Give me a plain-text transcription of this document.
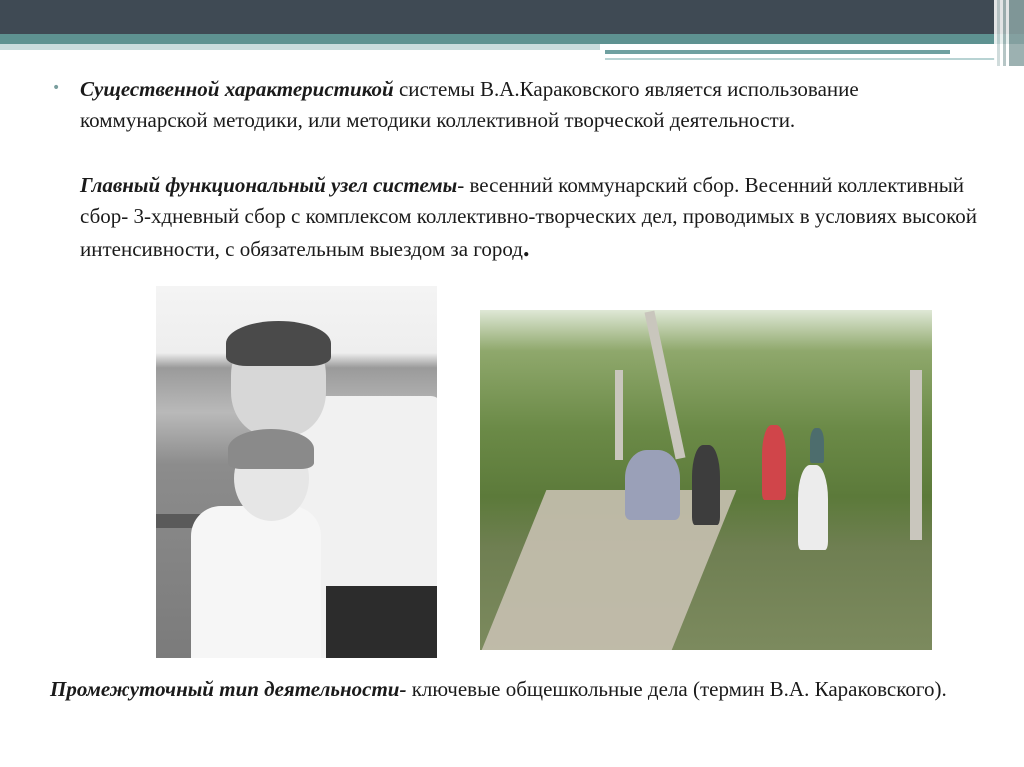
• Существенной характеристикой системы В.А.Караковского является использование коммунарской методики, или методики коллективной творческой деятельности.
Главный функциональный узел системы- весенний коммунарский сбор. Весенний коллективный сбор- 3-хдневный сбор с комплексом коллективно-творческих дел, проводимых в условиях высокой интенсивности, с обязательным выездом за город.
Промежуточный тип деятельности- ключевые общешкольные дела (термин В.А. Караковского).
